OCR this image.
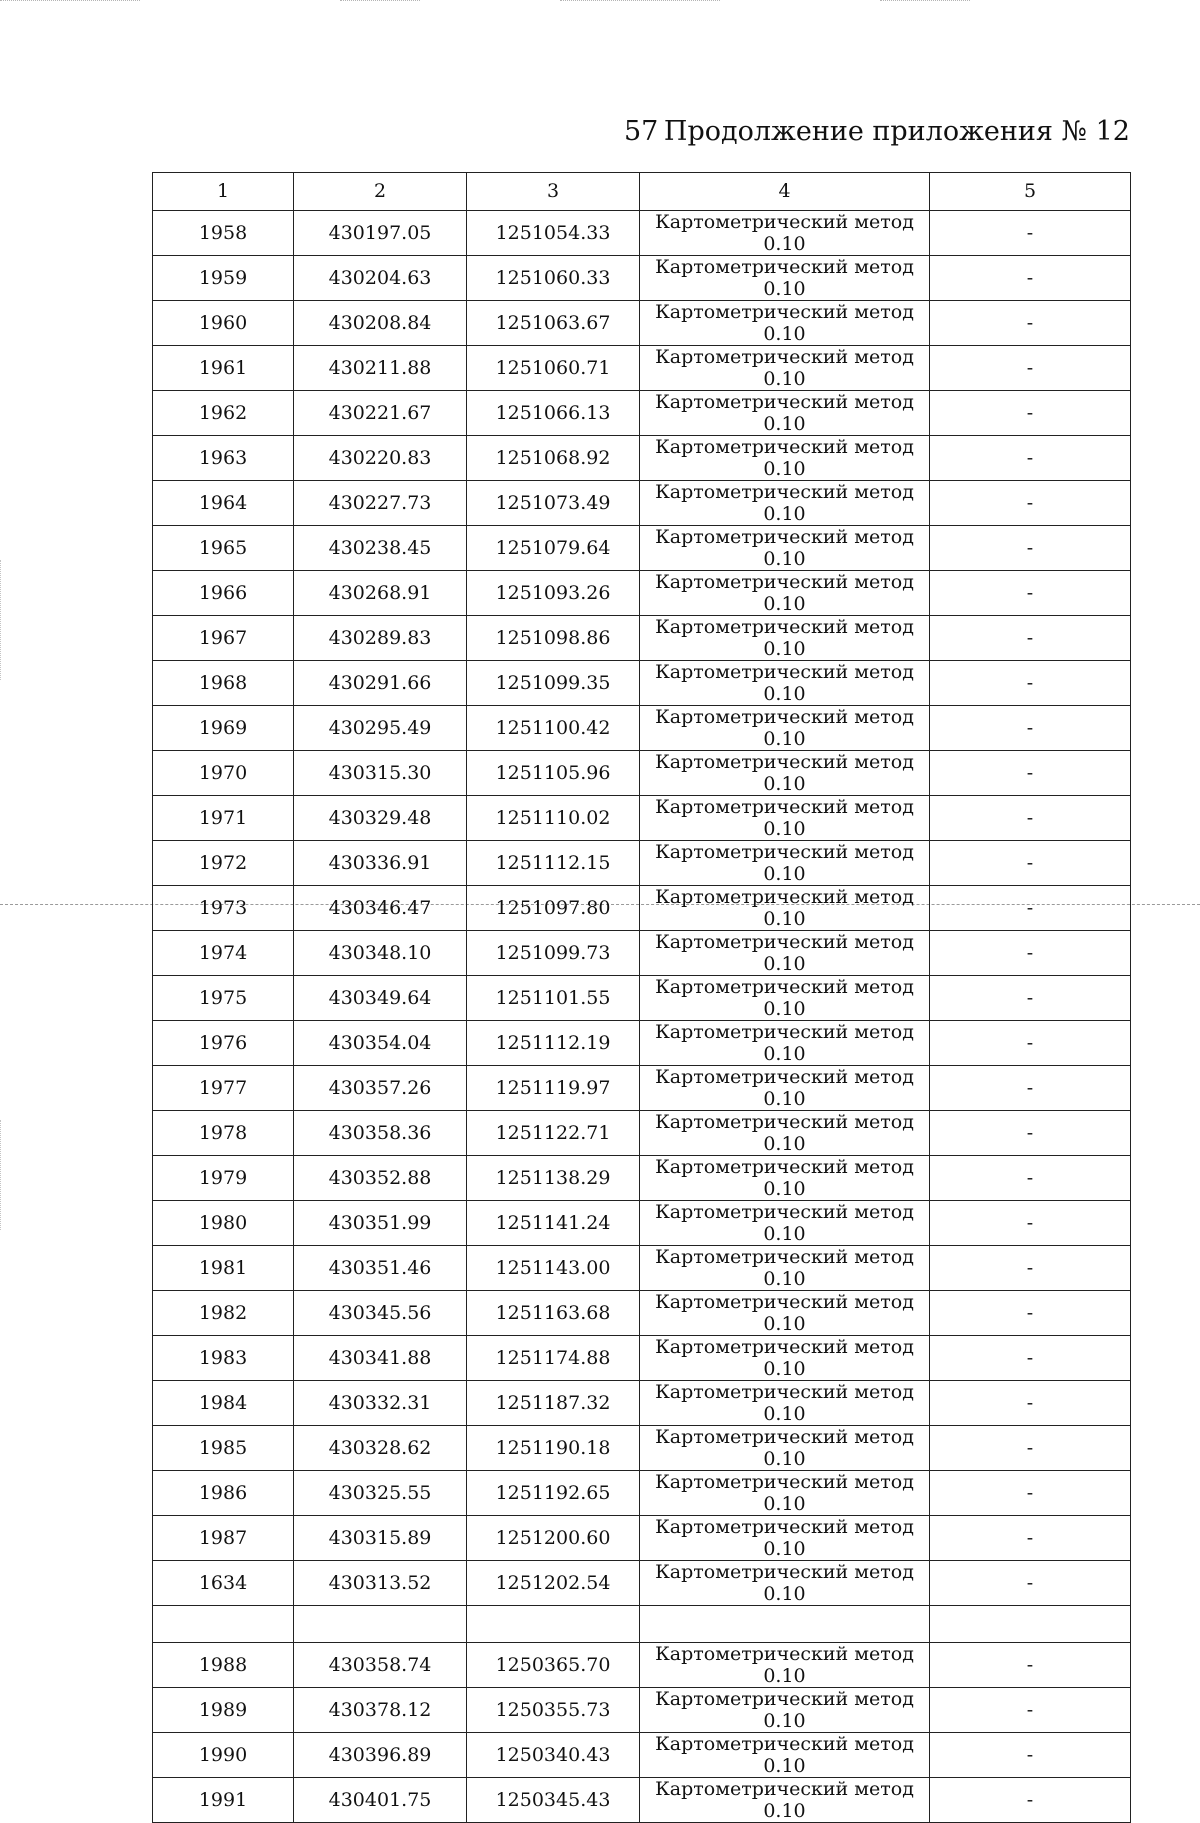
57 Продолжение приложения № 12
1	2	3	4	5
1958	430197.05	1251054.33	Картометрический метод 0.10	-
1959	430204.63	1251060.33	Картометрический метод 0.10	-
1960	430208.84	1251063.67	Картометрический метод 0.10	-
1961	430211.88	1251060.71	Картометрический метод 0.10	-
1962	430221.67	1251066.13	Картометрический метод 0.10	-
1963	430220.83	1251068.92	Картометрический метод 0.10	-
1964	430227.73	1251073.49	Картометрический метод 0.10	-
1965	430238.45	1251079.64	Картометрический метод 0.10	-
1966	430268.91	1251093.26	Картометрический метод 0.10	-
1967	430289.83	1251098.86	Картометрический метод 0.10	-
1968	430291.66	1251099.35	Картометрический метод 0.10	-
1969	430295.49	1251100.42	Картометрический метод 0.10	-
1970	430315.30	1251105.96	Картометрический метод 0.10	-
1971	430329.48	1251110.02	Картометрический метод 0.10	-
1972	430336.91	1251112.15	Картометрический метод 0.10	-
1973	430346.47	1251097.80	Картометрический метод 0.10	-
1974	430348.10	1251099.73	Картометрический метод 0.10	-
1975	430349.64	1251101.55	Картометрический метод 0.10	-
1976	430354.04	1251112.19	Картометрический метод 0.10	-
1977	430357.26	1251119.97	Картометрический метод 0.10	-
1978	430358.36	1251122.71	Картометрический метод 0.10	-
1979	430352.88	1251138.29	Картометрический метод 0.10	-
1980	430351.99	1251141.24	Картометрический метод 0.10	-
1981	430351.46	1251143.00	Картометрический метод 0.10	-
1982	430345.56	1251163.68	Картометрический метод 0.10	-
1983	430341.88	1251174.88	Картометрический метод 0.10	-
1984	430332.31	1251187.32	Картометрический метод 0.10	-
1985	430328.62	1251190.18	Картометрический метод 0.10	-
1986	430325.55	1251192.65	Картометрический метод 0.10	-
1987	430315.89	1251200.60	Картометрический метод 0.10	-
1634	430313.52	1251202.54	Картометрический метод 0.10	-

1988	430358.74	1250365.70	Картометрический метод 0.10	-
1989	430378.12	1250355.73	Картометрический метод 0.10	-
1990	430396.89	1250340.43	Картометрический метод 0.10	-
1991	430401.75	1250345.43	Картометрический метод 0.10	-
